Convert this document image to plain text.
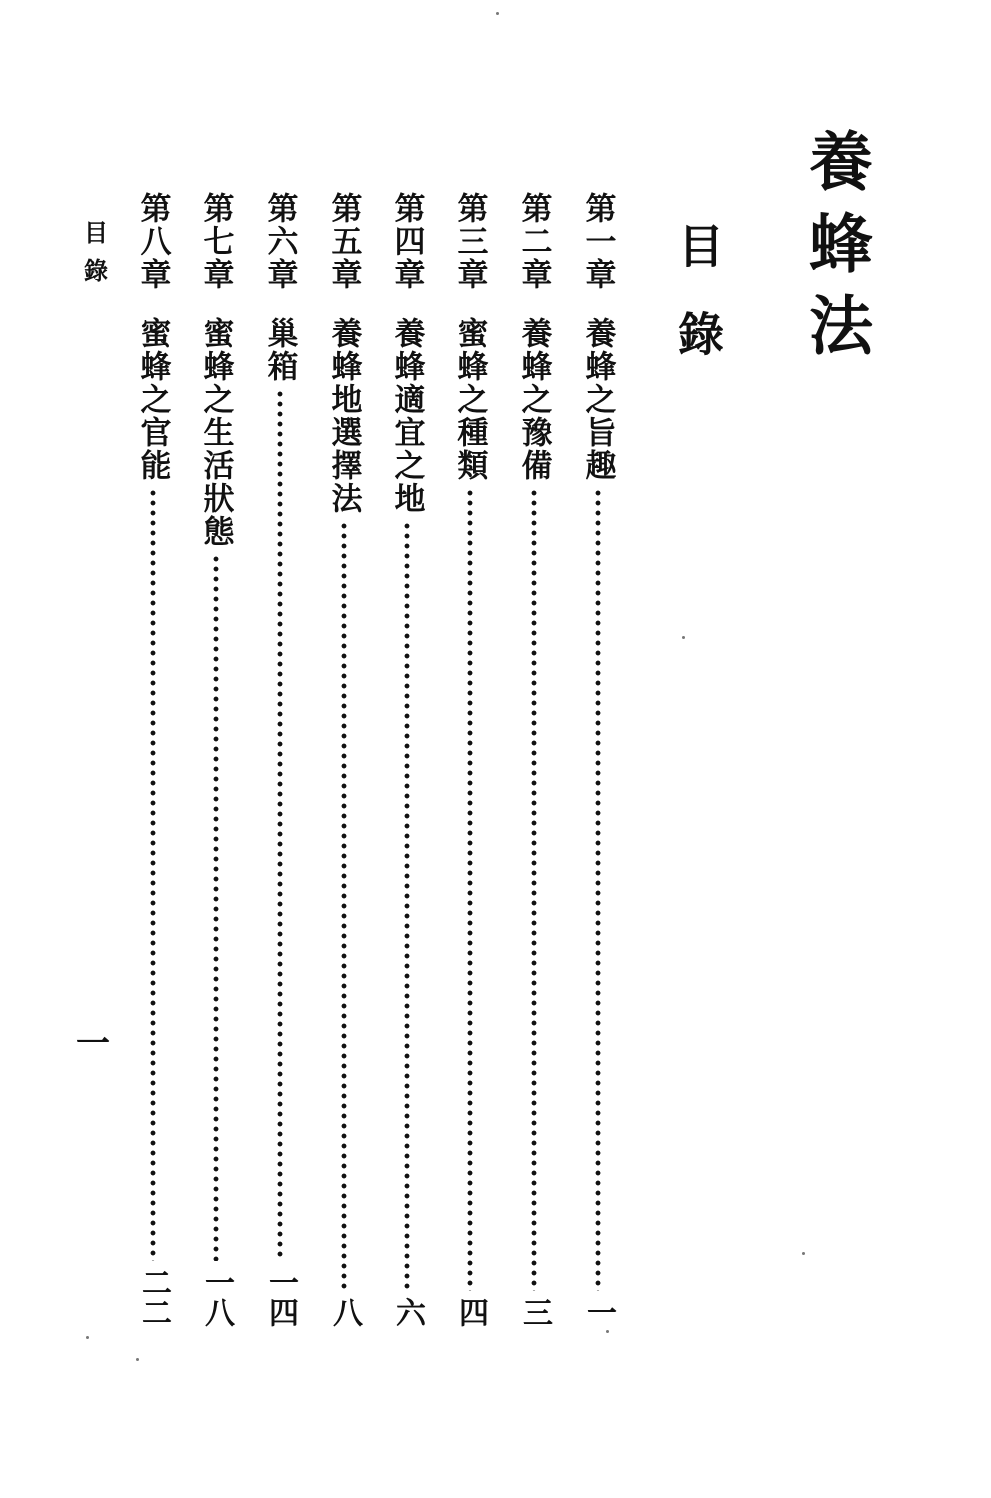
養蜂法
目錄
第一章
養蜂之旨趣
一
第二章
養蜂之豫備
三
第三章
蜜蜂之種類
四
第四章
養蜂適宜之地
六
第五章
養蜂地選擇法
八
第六章
巢箱
一四
第七章
蜜蜂之生活狀態
一八
第八章
蜜蜂之官能
二二
目錄
一
